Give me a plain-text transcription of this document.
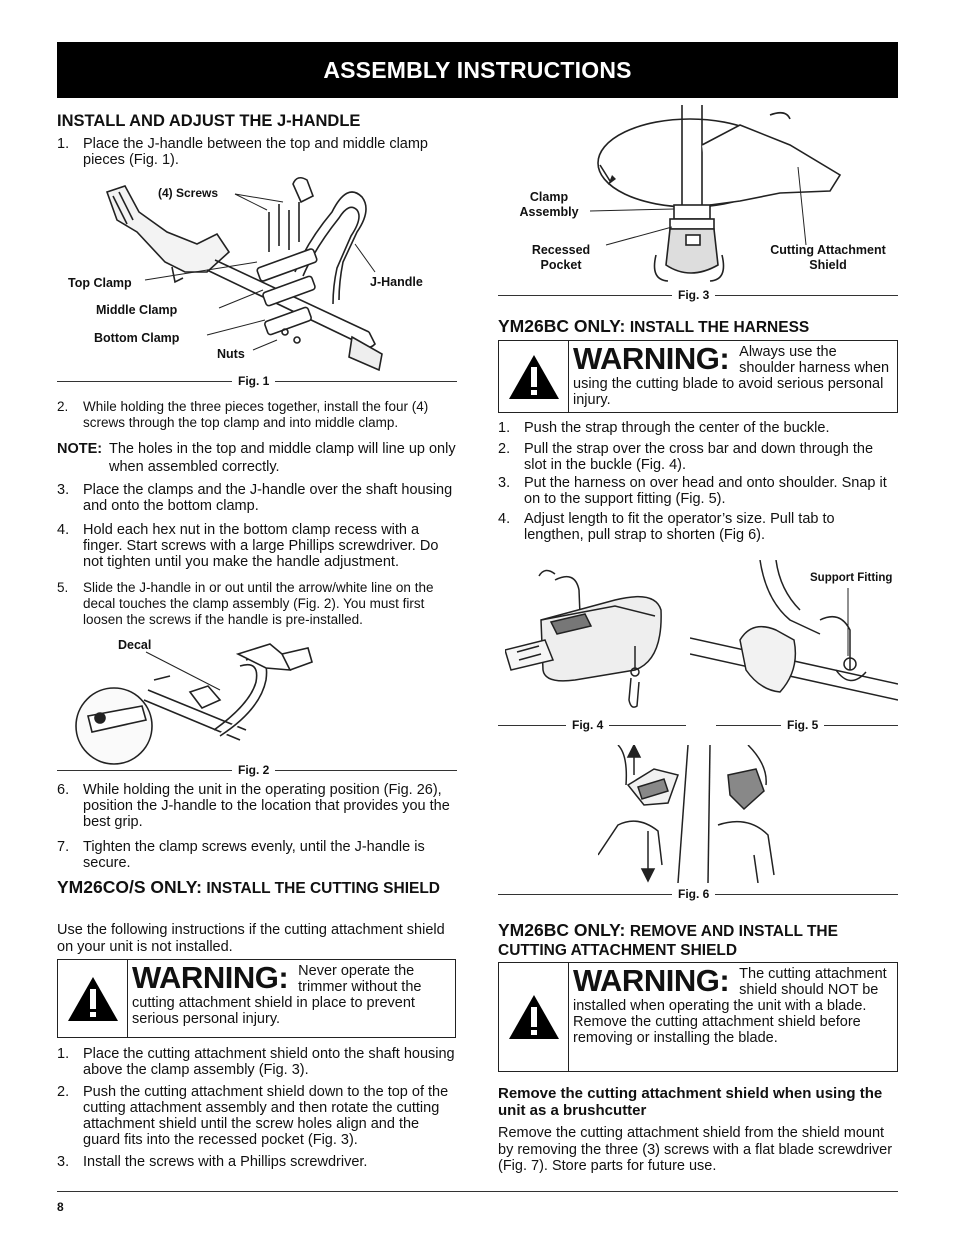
ASSEMBLY INSTRUCTIONS
INSTALL AND ADJUST THE J-HANDLE
1. Place the J-handle between the top and middle clamp pieces (Fig. 1).
(4) Screws
Top Clamp
Middle Clamp
Bottom Clamp
Nuts
J-Handle
Fig. 1
2.	While holding the three pieces together, install the four (4) screws through the top clamp and into middle clamp.
NOTE: The holes in the top and middle clamp will line up only when assembled correctly.
3. Place the clamps and the J-handle over the shaft housing and onto the bottom clamp.
4. Hold each hex nut in the bottom clamp recess with a finger. Start screws with a large Phillips screwdriver. Do not tighten until you make the handle adjustment.
5.	Slide the J-handle in or out until the arrow/white line on the decal touches the clamp assembly (Fig. 2). You must first loosen the screws if the handle is pre-installed.
Decal
Fig. 2
6. While holding the unit in the operating position (Fig. 26), position the J-handle to the location that provides you the best grip.
7. Tighten the clamp screws evenly, until the J-handle is secure.
YM26CO/S ONLY: INSTALL THE CUTTING SHIELD
Use the following instructions if the cutting attachment shield on your unit is not installed.
WARNING: Never operate the trimmer without the cutting attachment shield in place to prevent serious personal injury.
1. Place the cutting attachment shield onto the shaft housing above the clamp assembly (Fig. 3).
2. Push the cutting attachment shield down to the top of the cutting attachment assembly and then rotate the cutting attachment shield until the screw holes align and the guard fits into the recessed pocket (Fig. 3).
3. Install the screws with a Phillips screwdriver.
Clamp Assembly
Recessed Pocket
Cutting Attachment Shield
Fig. 3
YM26BC ONLY: INSTALL THE HARNESS
WARNING: Always use the shoulder harness when using the cutting blade to avoid serious personal injury.
1. Push the strap through the center of the buckle.
2. Pull the strap over the cross bar and down through the slot in the buckle (Fig. 4).
3. Put the harness on over head and onto shoulder. Snap it on to the support fitting (Fig. 5).
4. Adjust length to fit the operator’s size. Pull tab to lengthen, pull strap to shorten (Fig 6).
Fig. 4
Support Fitting
Fig. 5
Fig. 6
YM26BC ONLY: REMOVE AND INSTALL THE CUTTING ATTACHMENT SHIELD
WARNING: The cutting attachment shield should NOT be installed when operating the unit with a blade. Remove the cutting attachment shield before removing or installing the blade.
Remove the cutting attachment shield when using the unit as a brushcutter
Remove the cutting attachment shield from the shield mount by removing the three (3) screws with a flat blade screwdriver (Fig. 7). Store parts for future use.
8
